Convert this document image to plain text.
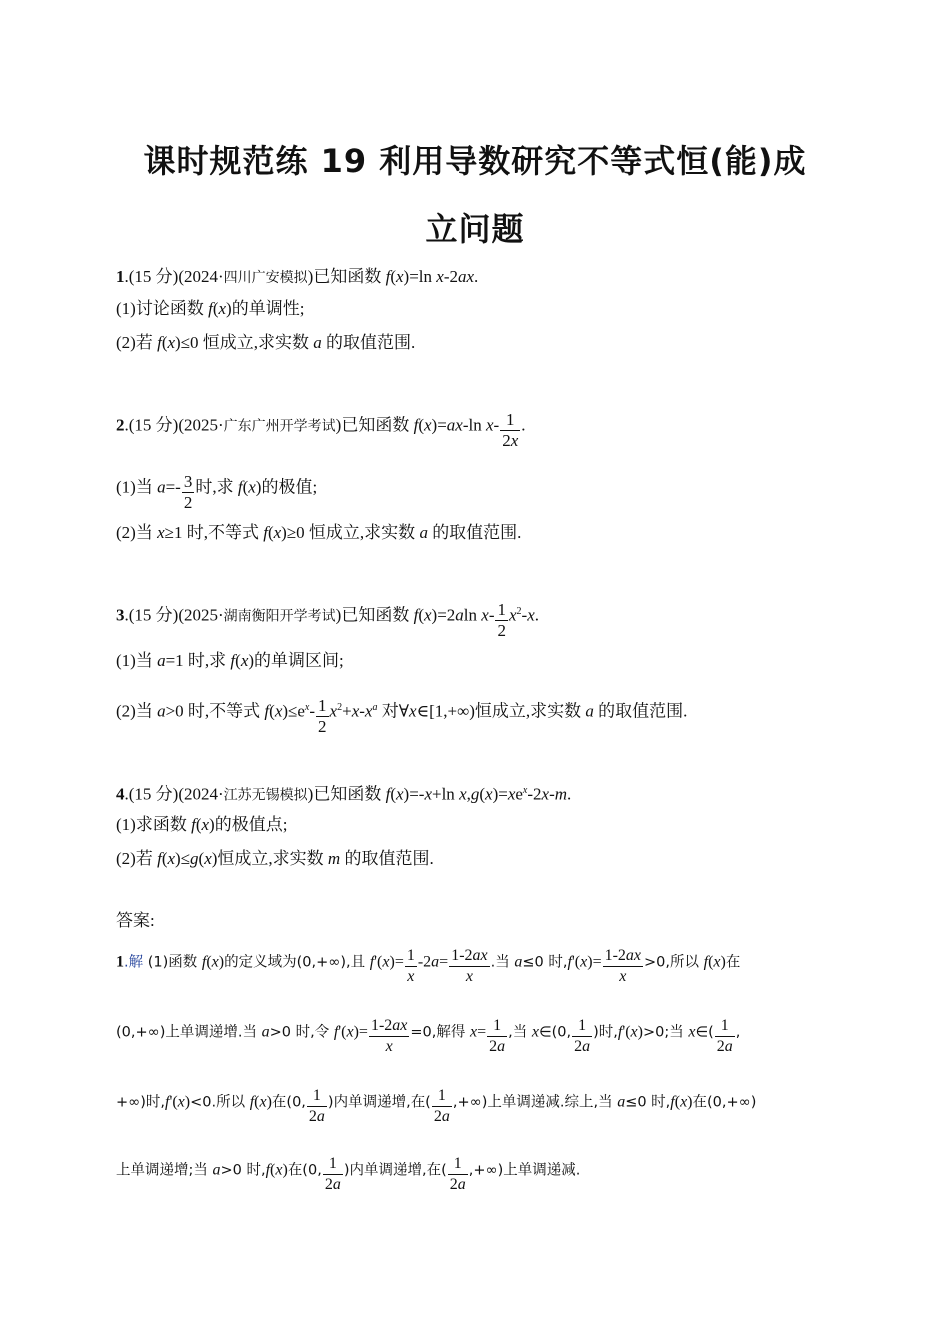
课时规范练 19 利用导数研究不等式恒(能)成
立问题
1.(15 分)(2024·四川广安模拟)已知函数 f(x)=ln x-2ax.
(1)讨论函数 f(x)的单调性;
(2)若 f(x)≤0 恒成立,求实数 a 的取值范围.
2.(15 分)(2025·广东广州开学考试)已知函数 f(x)=ax-ln $x- \frac{1}{2x}$ .
(1)当 $a=- \frac{3}{2}$ 时,求 f(x)的极值;
(2)当 x≥1 时,不等式 f(x)≥0 恒成立,求实数 a 的取值范围.
3.(15 分)(2025·湖南衡阳开学考试)已知函数 f(x)=2aln $x- \frac{1}{2} x^2-x$.
(1)当 a=1 时,求 f(x)的单调区间;
(2)当 a>0 时,不等式 $f(x)\le e^x- \frac{1}{2} x^2+x-x^a$ 对∀x∈[1,+∞)恒成立,求实数 a 的取值范围.
4.(15 分)(2024·江苏无锡模拟)已知函数 f(x)=-x+ln $x,g(x)=xe^x-2x-m$.
(1)求函数 f(x)的极值点;
(2)若 f(x)≤g(x)恒成立,求实数 m 的取值范围.
答案:
1.解 (1)函数 f(x)的定义域为(0,+∞),且 $f'(x)= \frac{1}{x} -2a= \frac{1-2ax}{x}$ .当 a≤0 时$,f'(x)= \frac{1-2ax}{x} >0$,所以 f(x)在
(0,+∞)上单调递增.当 a>0 时,令 $f'(x)= \frac{1-2ax}{x} =0$,解得 $x= \frac{1}{2a}$ ,当 x∈(0, $\frac{1}{2a}$ )时,f'(x)>0;当 x∈( $\frac{1}{2a}$ ,
+∞)时,f'(x)<0.所以 f(x)在(0, $\frac{1}{2a}$ )内单调递增,在( $\frac{1}{2a}$ ,+∞)上单调递减.综上,当 a≤0 时,f(x)在(0,+∞)
上单调递增;当 a>0 时,f(x)在(0, $\frac{1}{2a}$ )内单调递增,在( $\frac{1}{2a}$ ,+∞)上单调递减.
